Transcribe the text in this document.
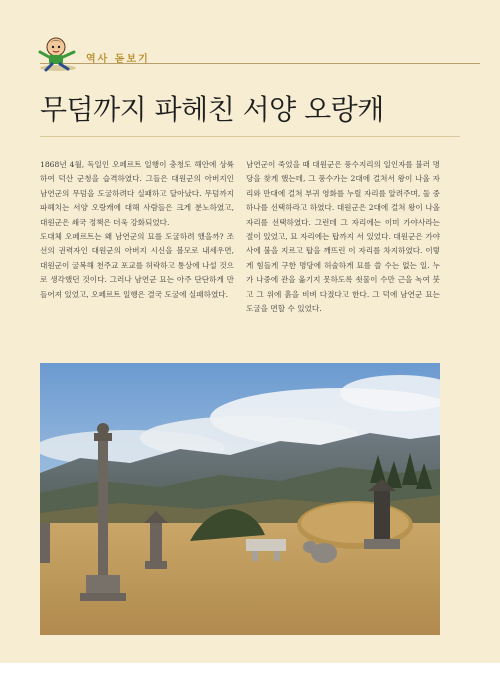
역사 돋보기
무덤까지 파헤친 서양 오랑캐

1868년 4월, 독일인 오페르트 일행이 충청도 해안에 상륙하여 덕산 군청을 습격하였다. 그들은 대원군의 아버지인 남연군의 무덤을 도굴하려다 실패하고 달아났다. 무덤까지 파헤치는 서양 오랑캐에 대해 사람들은 크게 분노하였고, 대원군은 쇄국 정책은 더욱 강화되었다.

도대체 오페르트는 왜 남연군의 묘를 도굴하려 했을까? 조선의 권력자인 대원군의 아버지 시신을 볼모로 내세우면, 대원군이 굴복해 천주교 포교를 허락하고 통상에 나설 것으로 생각했던 것이다. 그러나 남연군 묘는 아주 단단하게 만들어져 있었고, 오페르트 일행은 결국 도굴에 실패하였다.

남연군이 죽었을 때 대원군은 풍수지리의 일인자를 불러 명당을 찾게 했는데, 그 풍수가는 2대에 걸쳐서 왕이 나올 자리와 만대에 걸쳐 부귀 영화를 누릴 자리를 알려주며, 둘 중 하나를 선택하라고 하였다. 대원군은 2대에 걸쳐 왕이 나올 자리를 선택하였다. 그런데 그 자리에는 이미 가야사라는 절이 있었고, 묘 자리에는 탑까지 서 있었다. 대원군은 가야사에 불을 지르고 탑을 깨뜨린 이 자리를 차지하였다. 이렇게 힘들게 구한 명당에 허술하게 묘를 쓸 수는 없는 일. 누가 나중에 관을 옮기지 못하도록 쇳물이 수만 근을 녹여 붓고 그 위에 흙을 비벼 다졌다고 한다. 그 덕에 남연군 묘는 도굴을 면할 수 있었다.
